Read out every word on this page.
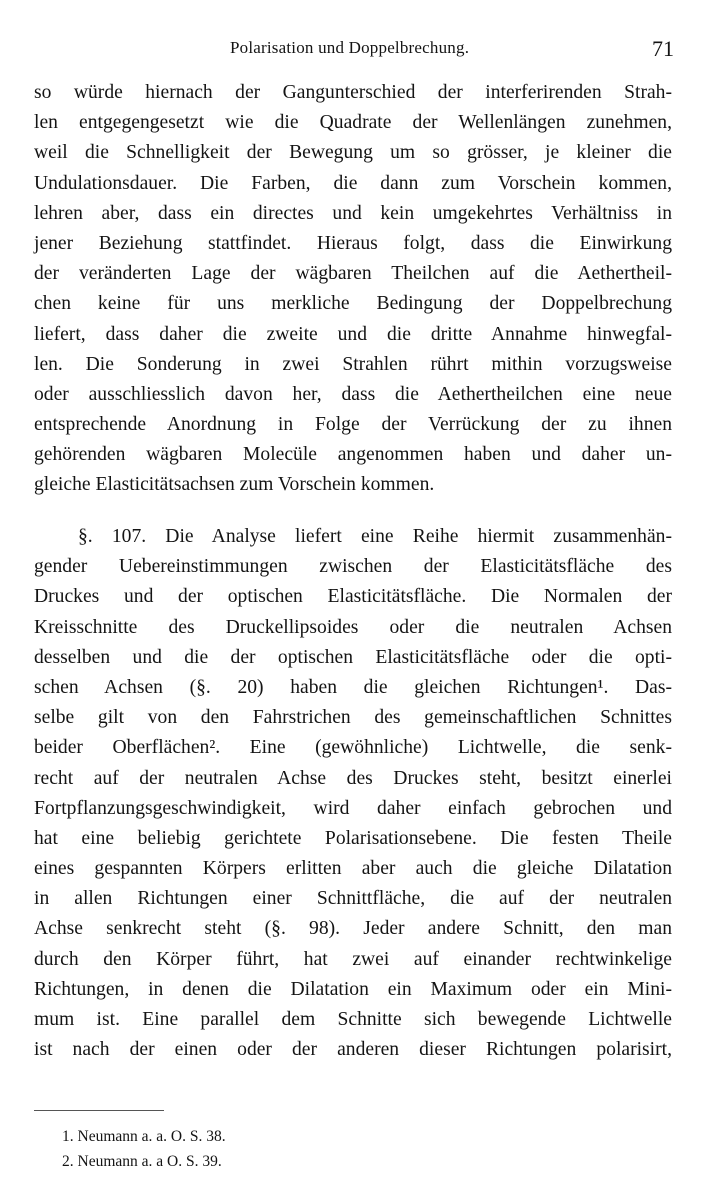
Polarisation und Doppelbrechung.	71
so würde hiernach der Gangunterschied der interferirenden Strah-
len entgegengesetzt wie die Quadrate der Wellenlängen zunehmen,
weil die Schnelligkeit der Bewegung um so grösser, je kleiner die
Undulationsdauer. Die Farben, die dann zum Vorschein kommen,
lehren aber, dass ein directes und kein umgekehrtes Verhältniss in
jener Beziehung stattfindet. Hieraus folgt, dass die Einwirkung
der veränderten Lage der wägbaren Theilchen auf die Aethertheil-
chen keine für uns merkliche Bedingung der Doppelbrechung
liefert, dass daher die zweite und die dritte Annahme hinwegfal-
len. Die Sonderung in zwei Strahlen rührt mithin vorzugsweise
oder ausschliesslich davon her, dass die Aethertheilchen eine neue
entsprechende Anordnung in Folge der Verrückung der zu ihnen
gehörenden wägbaren Molecüle angenommen haben und daher un-
gleiche Elasticitätsachsen zum Vorschein kommen.
§. 107. Die Analyse liefert eine Reihe hiermit zusammenhän-
gender Uebereinstimmungen zwischen der Elasticitätsfläche des
Druckes und der optischen Elasticitätsfläche. Die Normalen der
Kreisschnitte des Druckellipsoides oder die neutralen Achsen
desselben und die der optischen Elasticitätsfläche oder die opti-
schen Achsen (§. 20) haben die gleichen Richtungen¹. Das-
selbe gilt von den Fahrstrichen des gemeinschaftlichen Schnittes
beider Oberflächen². Eine (gewöhnliche) Lichtwelle, die senk-
recht auf der neutralen Achse des Druckes steht, besitzt einerlei
Fortpflanzungsgeschwindigkeit, wird daher einfach gebrochen und
hat eine beliebig gerichtete Polarisationsebene. Die festen Theile
eines gespannten Körpers erlitten aber auch die gleiche Dilatation
in allen Richtungen einer Schnittfläche, die auf der neutralen
Achse senkrecht steht (§. 98). Jeder andere Schnitt, den man
durch den Körper führt, hat zwei auf einander rechtwinkelige
Richtungen, in denen die Dilatation ein Maximum oder ein Mini-
mum ist. Eine parallel dem Schnitte sich bewegende Lichtwelle
ist nach der einen oder der anderen dieser Richtungen polarisirt,
1. Neumann a. a. O. S. 38.
2. Neumann a. a O. S. 39.
